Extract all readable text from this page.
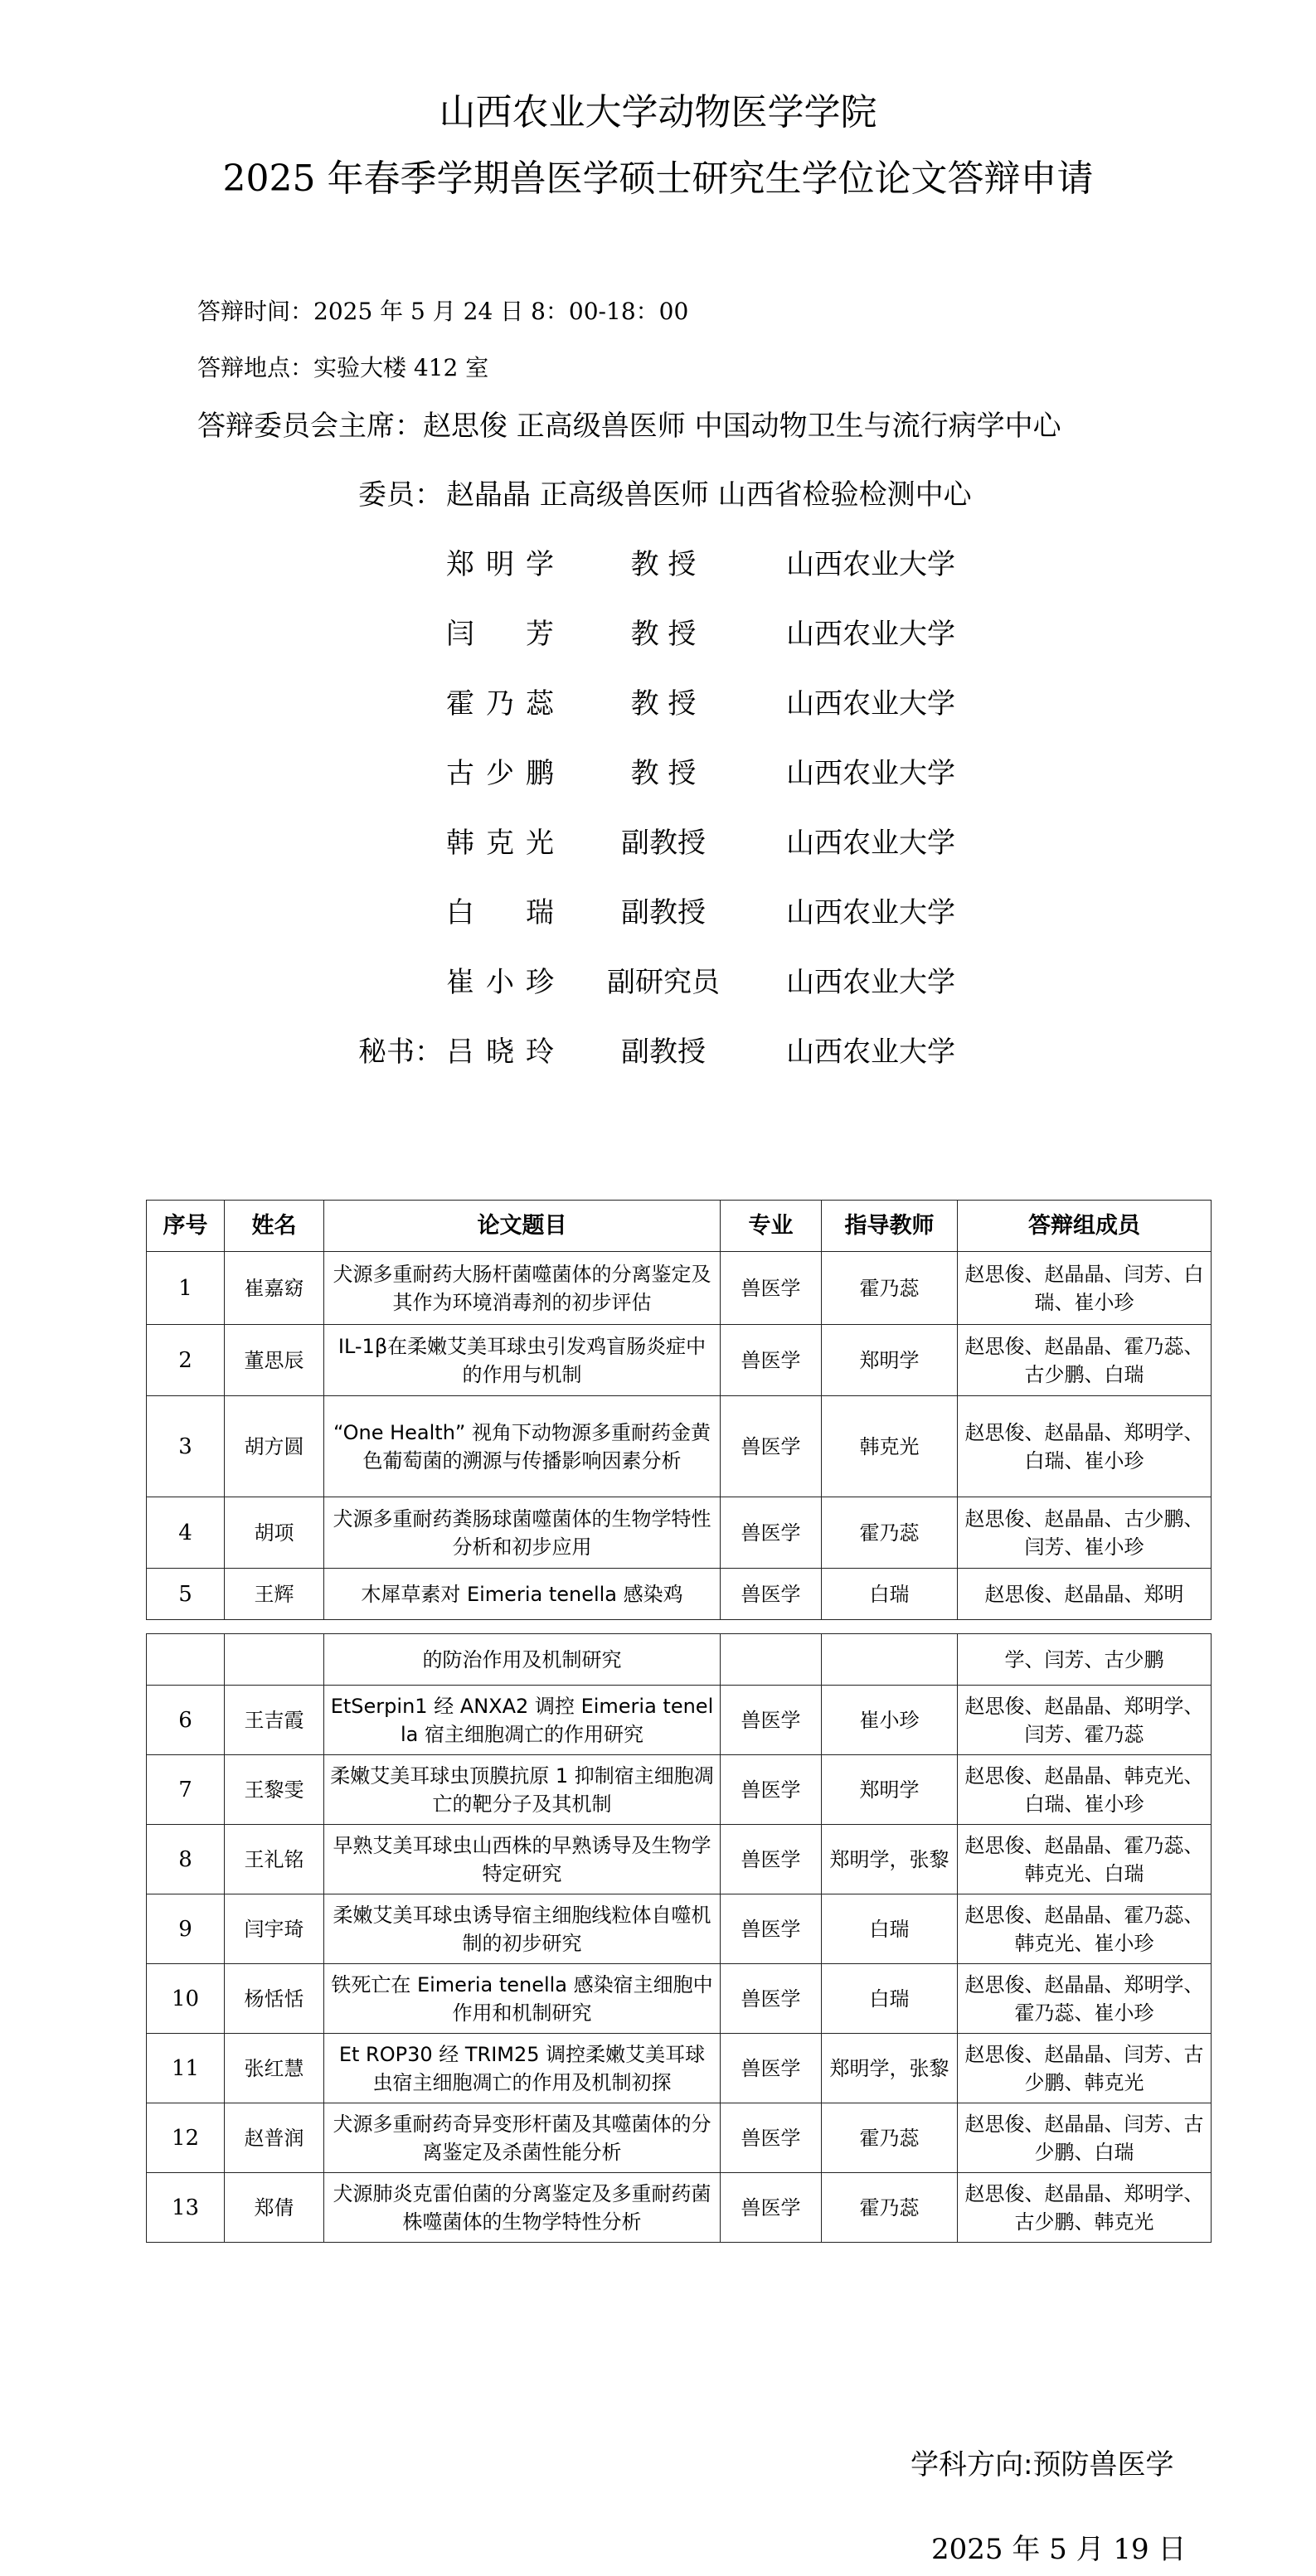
山西农业大学动物医学学院
2025 年春季学期兽医学硕士研究生学位论文答辩申请
答辩时间：2025 年 5 月 24 日 8：00-18：00
答辩地点：实验大楼 412 室
答辩委员会主席：赵思俊 正高级兽医师 中国动物卫生与流行病学中心
委员： 赵晶晶 正高级兽医师 山西省检验检测中心
郑明学	教 授	山西农业大学
闫芳	教 授	山西农业大学
霍乃蕊	教 授	山西农业大学
古少鹏	教 授	山西农业大学
韩克光	副教授	山西农业大学
白瑞	副教授	山西农业大学
崔小珍	副研究员	山西农业大学
秘书： 吕晓玲	副教授	山西农业大学
序号	姓名	论文题目	专业	指导教师	答辩组成员
1	崔嘉窈	犬源多重耐药大肠杆菌噬菌体的分离鉴定及其作为环境消毒剂的初步评估	兽医学	霍乃蕊	赵思俊、赵晶晶、闫芳、白瑞、崔小珍
2	董思辰	IL-1β在柔嫩艾美耳球虫引发鸡盲肠炎症中的作用与机制	兽医学	郑明学	赵思俊、赵晶晶、霍乃蕊、古少鹏、白瑞
3	胡方圆	“One Health” 视角下动物源多重耐药金黄色葡萄菌的溯源与传播影响因素分析	兽医学	韩克光	赵思俊、赵晶晶、郑明学、白瑞、崔小珍
4	胡项	犬源多重耐药粪肠球菌噬菌体的生物学特性分析和初步应用	兽医学	霍乃蕊	赵思俊、赵晶晶、古少鹏、闫芳、崔小珍
5	王辉	木犀草素对 Eimeria tenella 感染鸡	兽医学	白瑞	赵思俊、赵晶晶、郑明
		的防治作用及机制研究			学、闫芳、古少鹏
6	王吉霞	EtSerpin1 经 ANXA2 调控 Eimeria tenella 宿主细胞凋亡的作用研究	兽医学	崔小珍	赵思俊、赵晶晶、郑明学、闫芳、霍乃蕊
7	王黎雯	柔嫩艾美耳球虫顶膜抗原 1 抑制宿主细胞凋亡的靶分子及其机制	兽医学	郑明学	赵思俊、赵晶晶、韩克光、白瑞、崔小珍
8	王礼铭	早熟艾美耳球虫山西株的早熟诱导及生物学特定研究	兽医学	郑明学，张黎	赵思俊、赵晶晶、霍乃蕊、韩克光、白瑞
9	闫宇琦	柔嫩艾美耳球虫诱导宿主细胞线粒体自噬机制的初步研究	兽医学	白瑞	赵思俊、赵晶晶、霍乃蕊、韩克光、崔小珍
10	杨恬恬	铁死亡在 Eimeria tenella 感染宿主细胞中作用和机制研究	兽医学	白瑞	赵思俊、赵晶晶、郑明学、霍乃蕊、崔小珍
11	张红慧	Et ROP30 经 TRIM25 调控柔嫩艾美耳球虫宿主细胞凋亡的作用及机制初探	兽医学	郑明学，张黎	赵思俊、赵晶晶、闫芳、古少鹏、韩克光
12	赵普润	犬源多重耐药奇异变形杆菌及其噬菌体的分离鉴定及杀菌性能分析	兽医学	霍乃蕊	赵思俊、赵晶晶、闫芳、古少鹏、白瑞
13	郑倩	犬源肺炎克雷伯菌的分离鉴定及多重耐药菌株噬菌体的生物学特性分析	兽医学	霍乃蕊	赵思俊、赵晶晶、郑明学、古少鹏、韩克光
学科方向:预防兽医学
2025 年 5 月 19 日
